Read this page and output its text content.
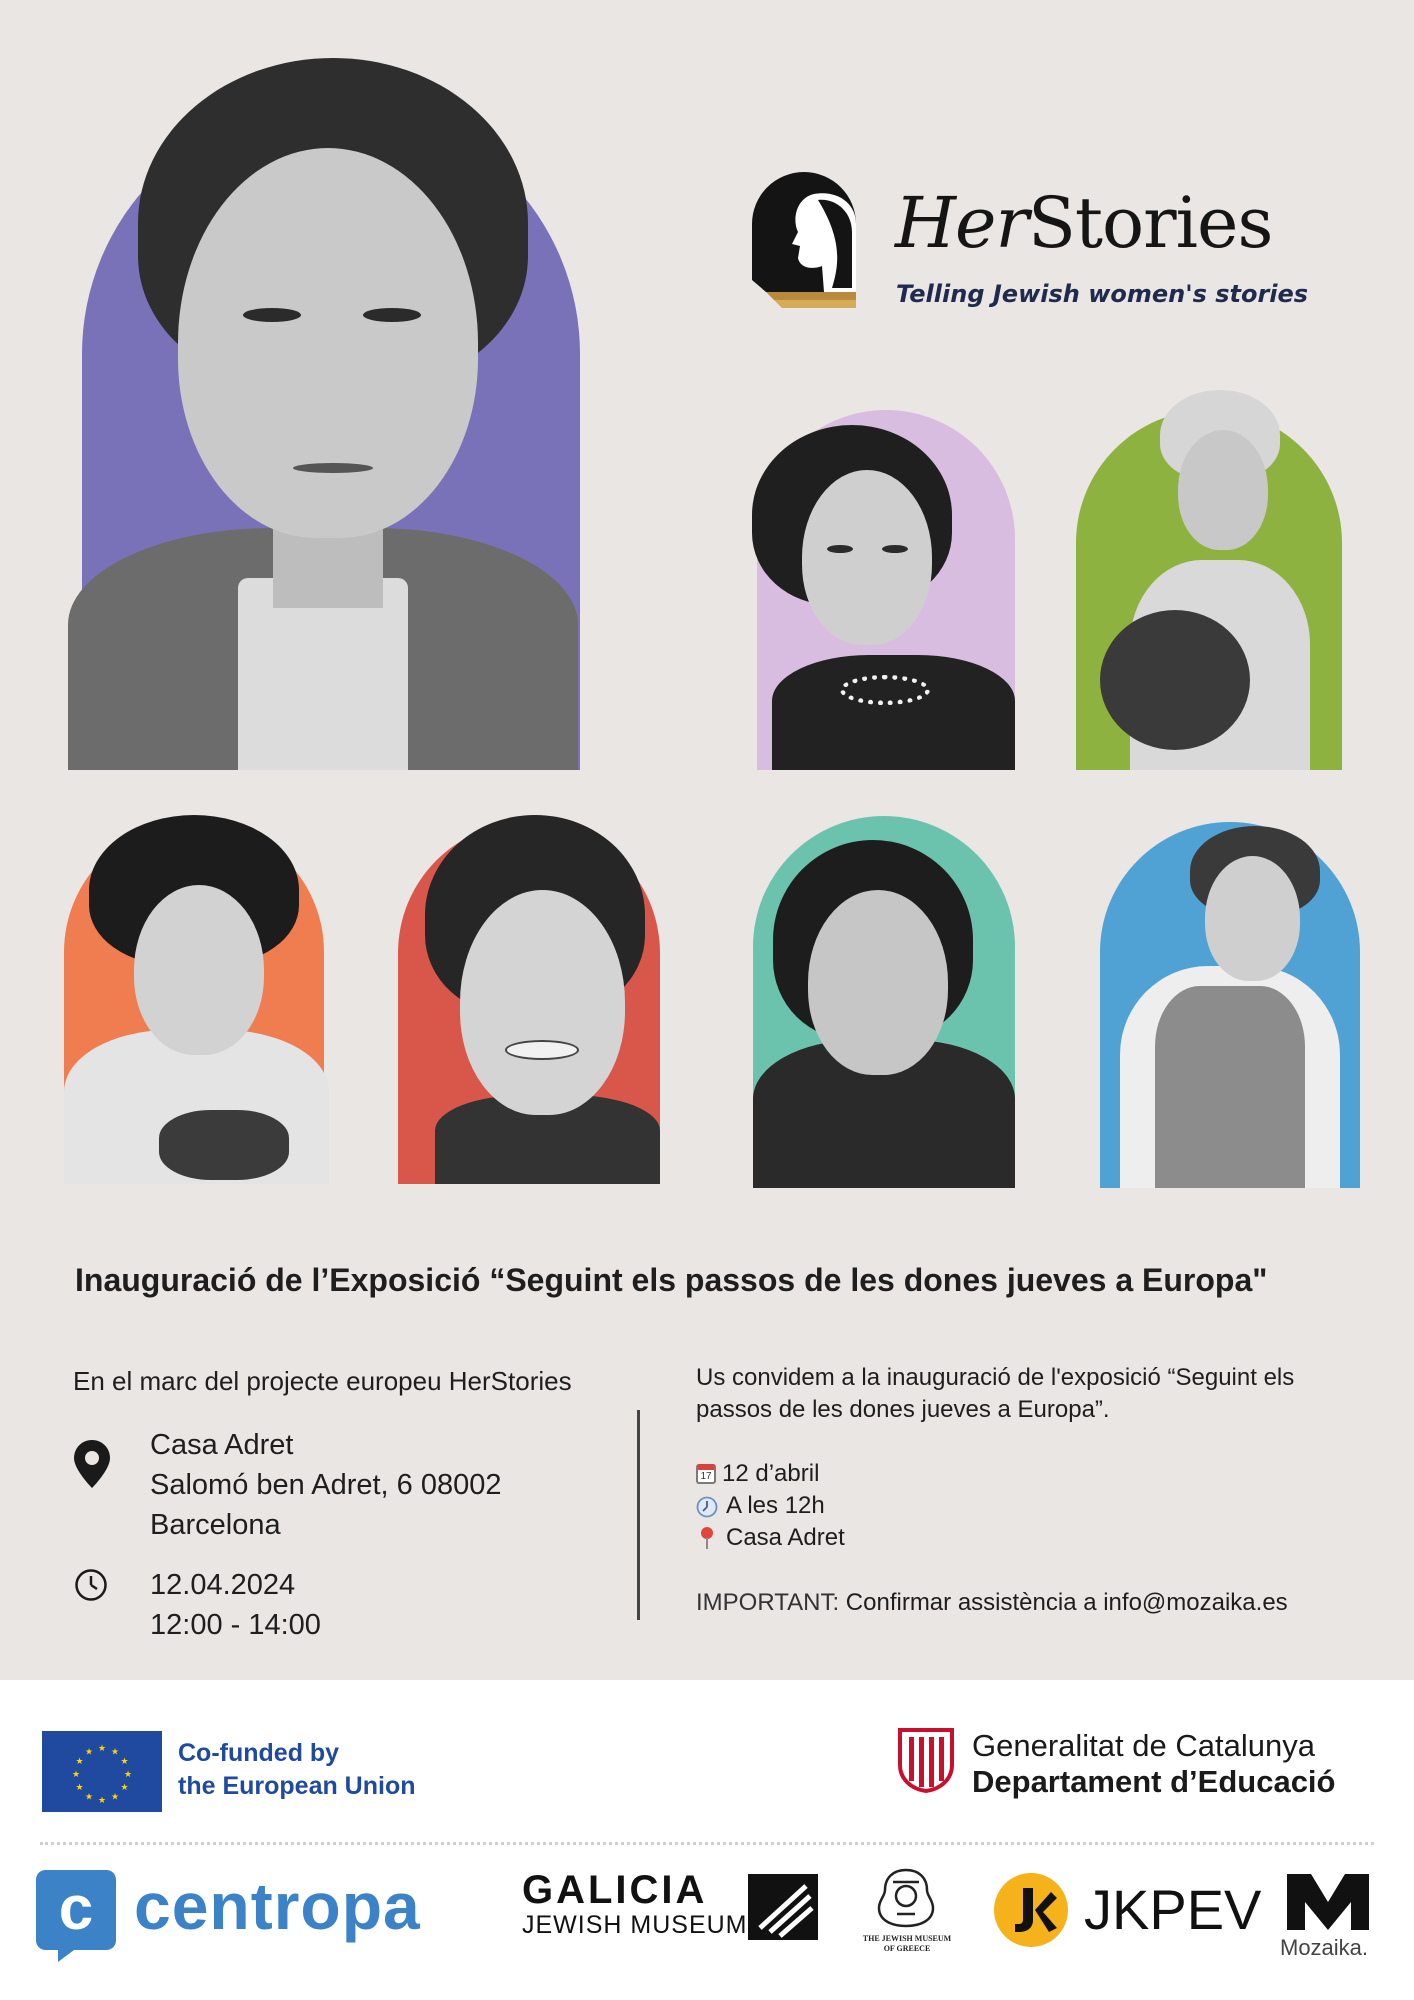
HerStories
Telling Jewish women's stories
Inauguració de l’Exposició “Seguint els passos de les dones jueves a Europa"
En el marc del projecte europeu HerStories
Casa Adret
Salomó ben Adret, 6 08002
Barcelona
12.04.2024
12:00 - 14:00
Us convidem a la inauguració de l'exposició “Seguint els passos de les dones jueves a Europa”.
17 12 d’abril
A les 12h
Casa Adret
IMPORTANT: Confirmar assistència a info@mozaika.es
★ ★
★
★
★
★
★
★
★
★
★
★	Co-funded by
the European Union
Generalitat de Catalunya
Departament d’Educació
c centropa	GALICIA
JEWISH MUSEUM	THE JEWISH MUSEUM
OF GREECE
JKPEV
Mozaika.
